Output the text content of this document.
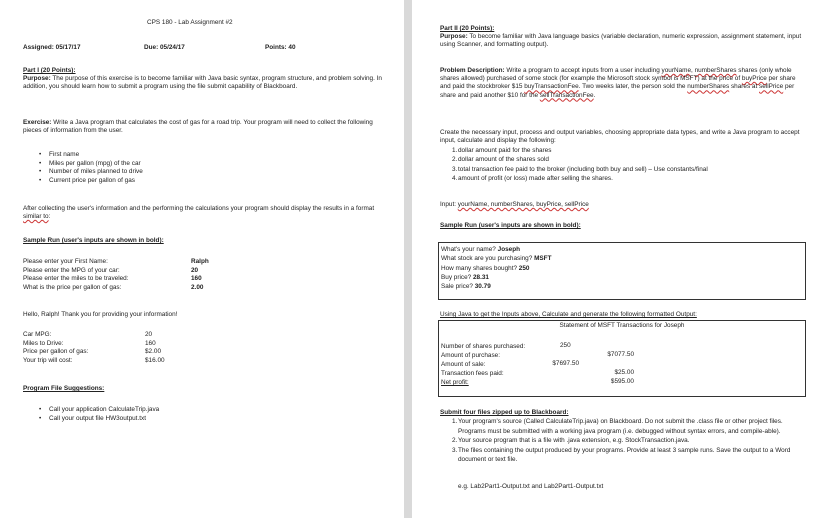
CPS 180 - Lab Assignment #2
Assigned: 05/17/17	Due: 05/24/17	Points: 40
Part I (20 Points):
Purpose: The purpose of this exercise is to become familiar with Java basic syntax, program structure, and problem solving. In addition, you should learn how to submit a program using the file submit capability of Blackboard.
Exercise: Write a Java program that calculates the cost of gas for a road trip. Your program will need to collect the following pieces of information from the user.
• First name
• Miles per gallon (mpg) of the car
• Number of miles planned to drive
• Current price per gallon of gas
After collecting the user's information and the performing the calculations your program should display the results in a format similar to:
Sample Run (user's inputs are shown in bold):
Please enter your First Name:
Please enter the MPG of your car:
Please enter the miles to be traveled:
What is the price per gallon of gas:
Ralph
20
160
2.00
Hello, Ralph! Thank you for providing your information!
Car MPG:
Miles to Drive:
Price per gallon of gas:
Your trip will cost:
20
160
$2.00
$16.00
Program File Suggestions:
• Call your application CalculateTrip.java
• Call your output file HW3output.txt
Part II (20 Points):
Purpose: To become familiar with Java language basics (variable declaration, numeric expression, assignment statement, input using Scanner, and formatting output).
Problem Description: Write a program to accept inputs from a user including yourName, numberShares shares (only whole shares allowed) purchased of some stock (for example the Microsoft stock symbol is MSFT) at the price of buyPrice per share and paid the stockbroker $15 buyTransactionFee. Two weeks later, the person sold the numberShares shares at sellPrice per share and paid another $10 for the sellTransactionFee.
Create the necessary input, process and output variables, choosing appropriate data types, and write a Java program to accept input, calculate and display the following:
1. dollar amount paid for the shares
2. dollar amount of the shares sold
3. total transaction fee paid to the broker (including both buy and sell) – Use constants/final
4. amount of profit (or loss) made after selling the shares.
Input: yourName, numberShares, buyPrice, sellPrice
Sample Run (user's inputs are shown in bold):
What's your name? Joseph
What stock are you purchasing? MSFT
How many shares bought? 250
Buy price? 28.31
Sale price? 30.79
Using Java to get the Inputs above, Calculate and generate the following formatted Output:
Statement of MSFT Transactions for Joseph
Number of shares purchased:
Amount of purchase:
Amount of sale:
Transaction fees paid:
Net profit:
250
$7077.50
$7697.50
$25.00
$595.00
Submit four files zipped up to Blackboard:
1. Your program's source (Called CalculateTrip.java) on Blackboard. Do not submit the .class file or other project files. Programs must be submitted with a working java program (i.e. debugged without syntax errors, and compile-able).
2. Your source program that is a file with .java extension, e.g. StockTransaction.java.
3. The files containing the output produced by your programs. Provide at least 3 sample runs. Save the output to a Word document or text file.
e.g. Lab2Part1-Output.txt and Lab2Part1-Output.txt
